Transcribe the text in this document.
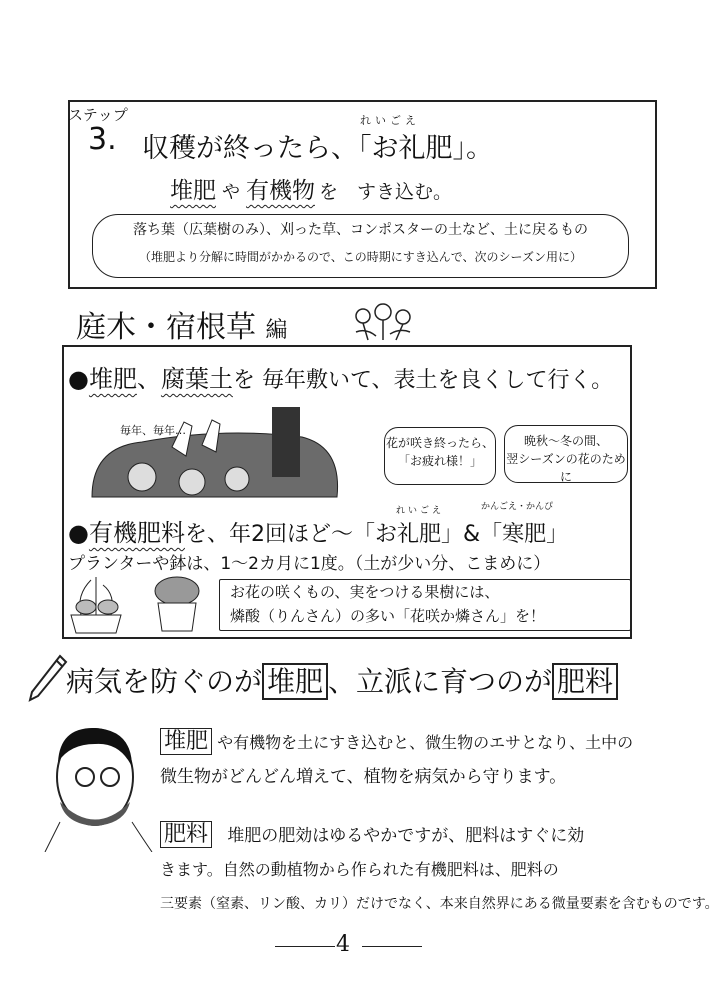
ステップ
3.
れいごえ
収穫が終ったら、「お礼肥」。
堆肥 や 有機物 を　すき込む。
落ち葉（広葉樹のみ）、刈った草、コンポスターの土など、土に戻るもの
（堆肥より分解に時間がかかるので、この時期にすき込んで、次のシーズン用に）
庭木・宿根草 編
●堆肥、腐葉土を 毎年敷いて、表土を良くして行く。
毎年、毎年…
花が咲き終ったら、
「お疲れ様！」
晩秋〜冬の間、
翌シーズンの花のために
れいごえ	かんごえ・かんぴ
●有機肥料を、年2回ほど〜「お礼肥」&「寒肥」
プランターや鉢は、1〜2カ月に1度。（土が少い分、こまめに）
お花の咲くもの、実をつける果樹には、
燐酸（りんさん）の多い「花咲か燐さん」を！
病気を防ぐのが 堆肥 、立派に育つのが 肥料
堆肥 や有機物を土にすき込むと、微生物のエサとなり、土中の
微生物がどんどん増えて、植物を病気から守ります。
肥料 堆肥の肥効はゆるやかですが、肥料はすぐに効
きます。自然の動植物から作られた有機肥料は、肥料の
三要素（窒素、リン酸、カリ）だけでなく、本来自然界にある微量要素を含むものです。
4
